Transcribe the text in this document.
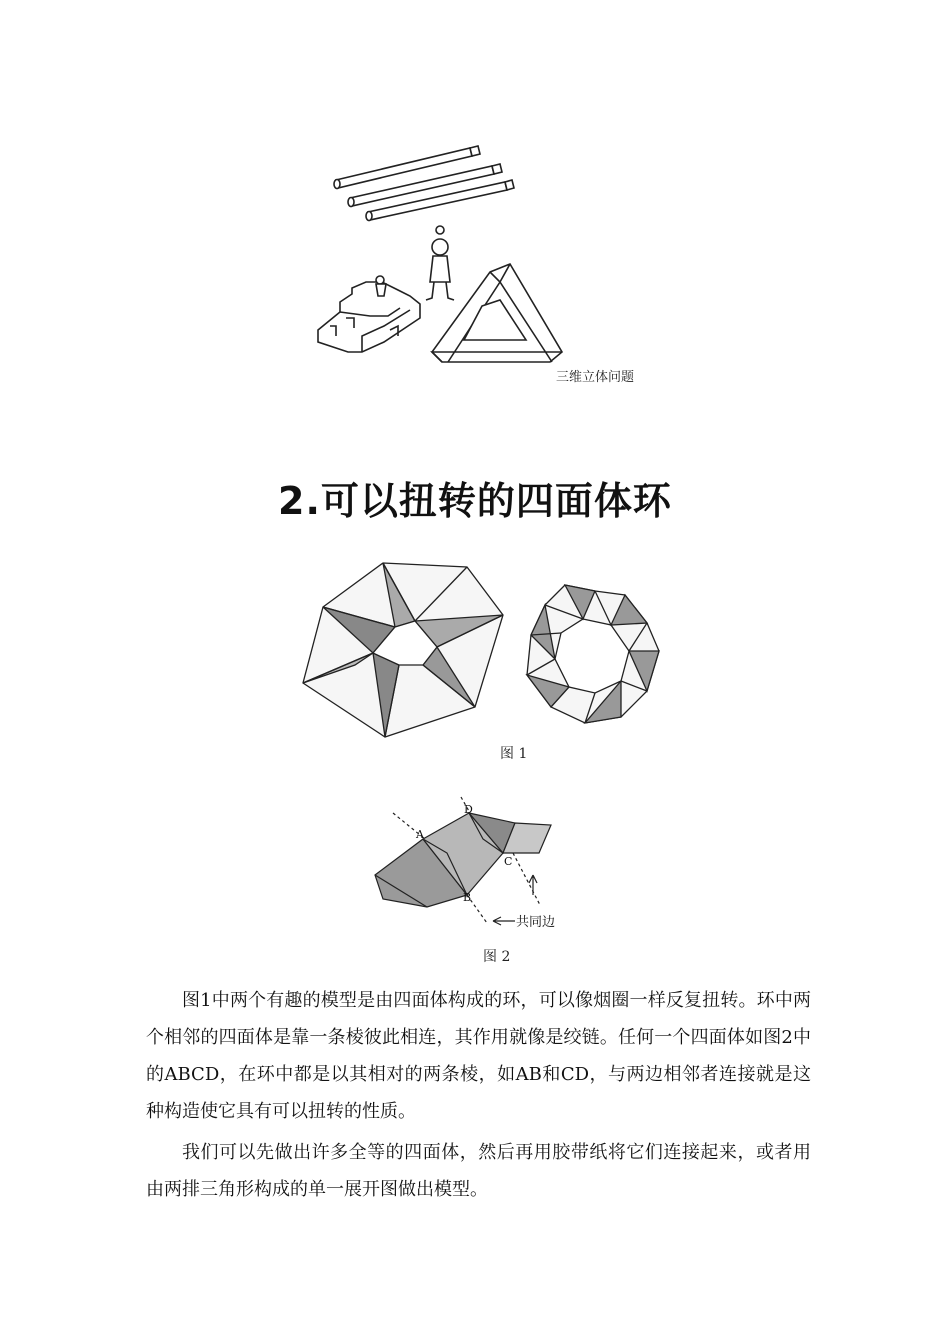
三维立体问题
2.可以扭转的四面体环
图 1
A
B
C
D
共同边
图 2

图1中两个有趣的模型是由四面体构成的环，可以像烟圈一样反复扭转。环中两个相邻的四面体是靠一条棱彼此相连，其作用就像是绞链。任何一个四面体如图2中的ABCD，在环中都是以其相对的两条棱，如AB和CD，与两边相邻者连接就是这种构造使它具有可以扭转的性质。

我们可以先做出许多全等的四面体，然后再用胶带纸将它们连接起来，或者用由两排三角形构成的单一展开图做出模型。
